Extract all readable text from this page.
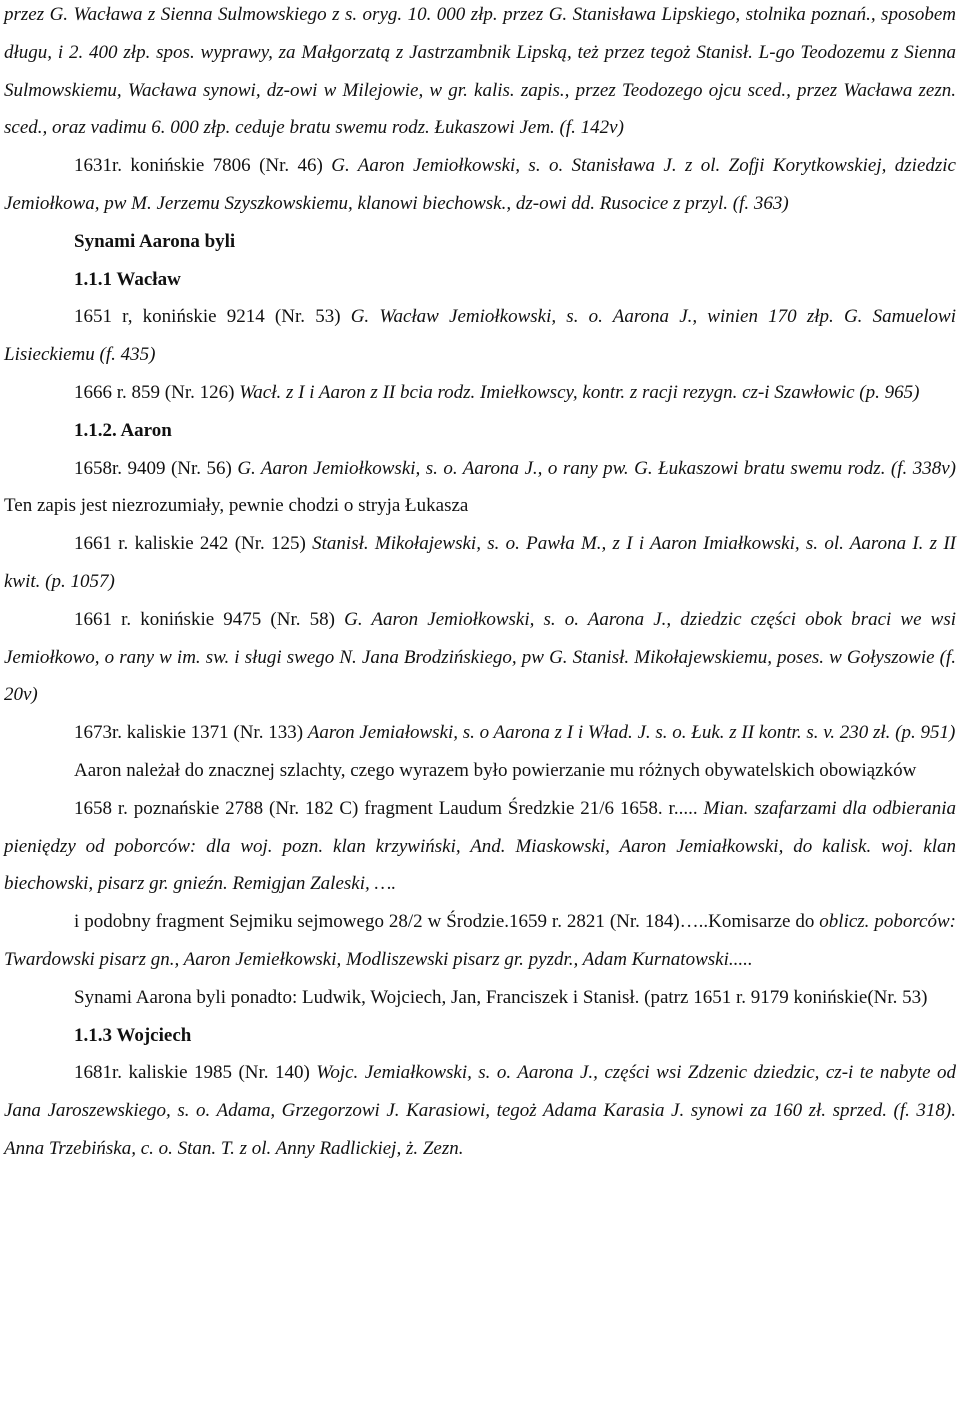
przez G. Wacława z Sienna Sulmowskiego z s. oryg. 10. 000 złp. przez G. Stanisława Lipskiego, stolnika poznań., sposobem długu, i 2. 400 złp. spos. wyprawy, za Małgorzatą z Jastrzambnik Lipską, też przez tegoż Stanisł. L-go Teodozemu z Sienna Sulmowskiemu, Wacława synowi, dz-owi w Milejowie, w gr. kalis. zapis., przez Teodozego ojcu sced., przez Wacława zezn. sced., oraz vadimu 6. 000 złp. ceduje bratu swemu rodz. Łukaszowi Jem. (f. 142v)

1631r. konińskie 7806 (Nr. 46) G. Aaron Jemiołkowski, s. o. Stanisława J. z ol. Zofji Korytkowskiej, dziedzic Jemiołkowa, pw M. Jerzemu Szyszkowskiemu, klanowi biechowsk., dz-owi dd. Rusocice z przyl. (f. 363)

Synami Aarona byli

1.1.1 Wacław

1651 r, konińskie 9214 (Nr. 53) G. Wacław Jemiołkowski, s. o. Aarona J., winien 170 złp. G. Samuelowi Lisieckiemu (f. 435)

1666 r. 859 (Nr. 126) Wacł. z I i Aaron z II bcia rodz. Imiełkowscy, kontr. z racji rezygn. cz-i Szawłowic (p. 965)

1.1.2. Aaron

1658r. 9409 (Nr. 56) G. Aaron Jemiołkowski, s. o. Aarona J., o rany pw. G. Łukaszowi bratu swemu rodz. (f. 338v) Ten zapis jest niezrozumiały, pewnie chodzi o stryja Łukasza

1661 r. kaliskie 242 (Nr. 125) Stanisł. Mikołajewski, s. o. Pawła M., z I i Aaron Imiałkowski, s. ol. Aarona I. z II kwit. (p. 1057)

1661 r. konińskie 9475 (Nr. 58) G. Aaron Jemiołkowski, s. o. Aarona J., dziedzic części obok braci we wsi Jemiołkowo, o rany w im. sw. i sługi swego N. Jana Brodzińskiego, pw G. Stanisł. Mikołajewskiemu, poses. w Gołyszowie (f. 20v)

1673r. kaliskie 1371 (Nr. 133) Aaron Jemiałowski, s. o Aarona z I i Wład. J. s. o. Łuk. z II kontr. s. v. 230 zł. (p. 951)

Aaron należał do znacznej szlachty, czego wyrazem było powierzanie mu różnych obywatelskich obowiązków

1658 r. poznańskie 2788 (Nr. 182 C) fragment Laudum Średzkie 21/6 1658. r..... Mian. szafarzami dla odbierania pieniędzy od poborców: dla woj. pozn. klan krzywiński, And. Miaskowski, Aaron Jemiałkowski, do kalisk. woj. klan biechowski, pisarz gr. gnieźn. Remigjan Zaleski, ….

i podobny fragment Sejmiku sejmowego 28/2 w Środzie.1659 r. 2821 (Nr. 184)…..Komisarze do oblicz. poborców: Twardowski pisarz gn., Aaron Jemiełkowski, Modliszewski pisarz gr. pyzdr., Adam Kurnatowski.....

Synami Aarona byli ponadto: Ludwik, Wojciech, Jan, Franciszek i Stanisł. (patrz 1651 r. 9179 konińskie(Nr. 53)

1.1.3 Wojciech

1681r. kaliskie 1985 (Nr. 140) Wojc. Jemiałkowski, s. o. Aarona J., części wsi Zdzenic dziedzic, cz-i te nabyte od Jana Jaroszewskiego, s. o. Adama, Grzegorzowi J. Karasiowi, tegoż Adama Karasia J. synowi za 160 zł. sprzed. (f. 318). Anna Trzebińska, c. o. Stan. T. z ol. Anny Radlickiej, ż. Zezn.
